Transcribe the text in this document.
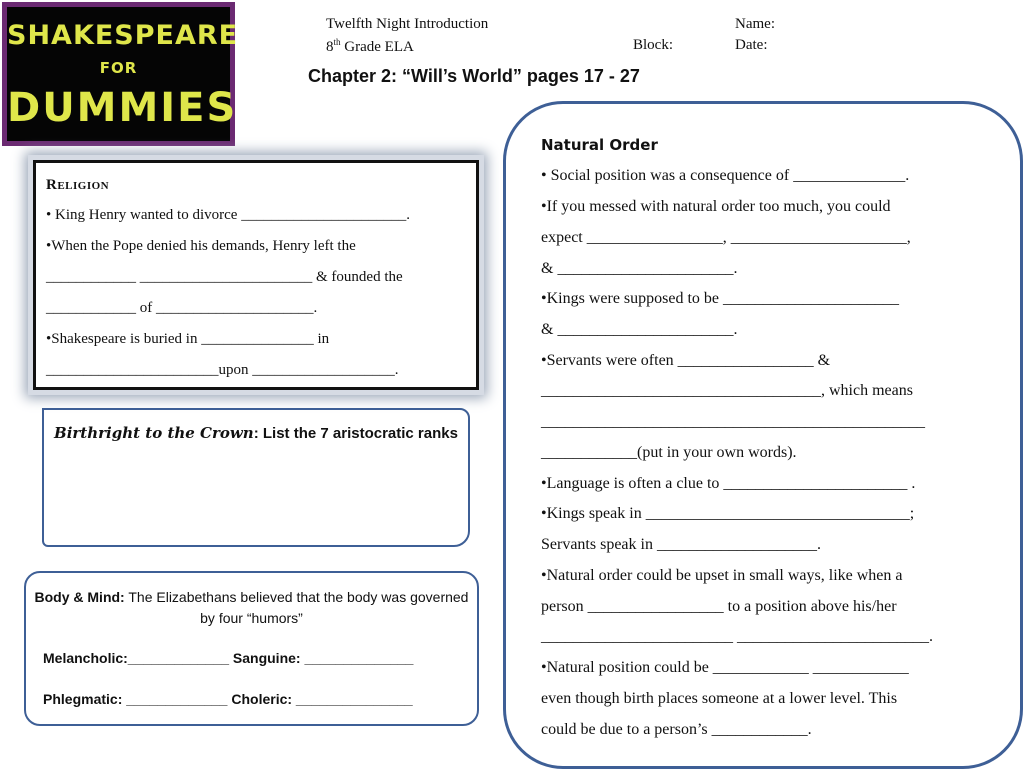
SHAKESPEARE
FOR
DUMMIES
Twelfth Night Introduction
8th Grade ELA	Block:
Name:
Date:
Chapter 2: “Will’s World” pages 17 - 27
Religion
• King Henry wanted to divorce ______________________.
•When the Pope denied his demands, Henry left the
____________ _______________________ & founded the
____________ of _____________________.
•Shakespeare is buried in _______________ in
_______________________upon ___________________.
Birthright to the Crown: List the 7 aristocratic ranks
Body & Mind: The Elizabethans believed that the body was governed by four “humors”
Melancholic:_____________ Sanguine: ______________
Phlegmatic: _____________ Choleric: _______________
Natural Order
• Social position was a consequence of ______________.
•If you messed with natural order too much, you could
expect _________________, ______________________,
& ______________________.
•Kings were supposed to be ______________________
& ______________________.
•Servants were often _________________ &
___________________________________, which means
________________________________________________
____________(put in your own words).
•Language is often a clue to _______________________ .
•Kings speak in _________________________________;
Servants speak in ____________________.
•Natural order could be upset in small ways, like when a
person _________________ to a position above his/her
________________________ ________________________.
•Natural position could be ____________ ____________
even though birth places someone at a lower level. This
could be due to a person’s ____________.
